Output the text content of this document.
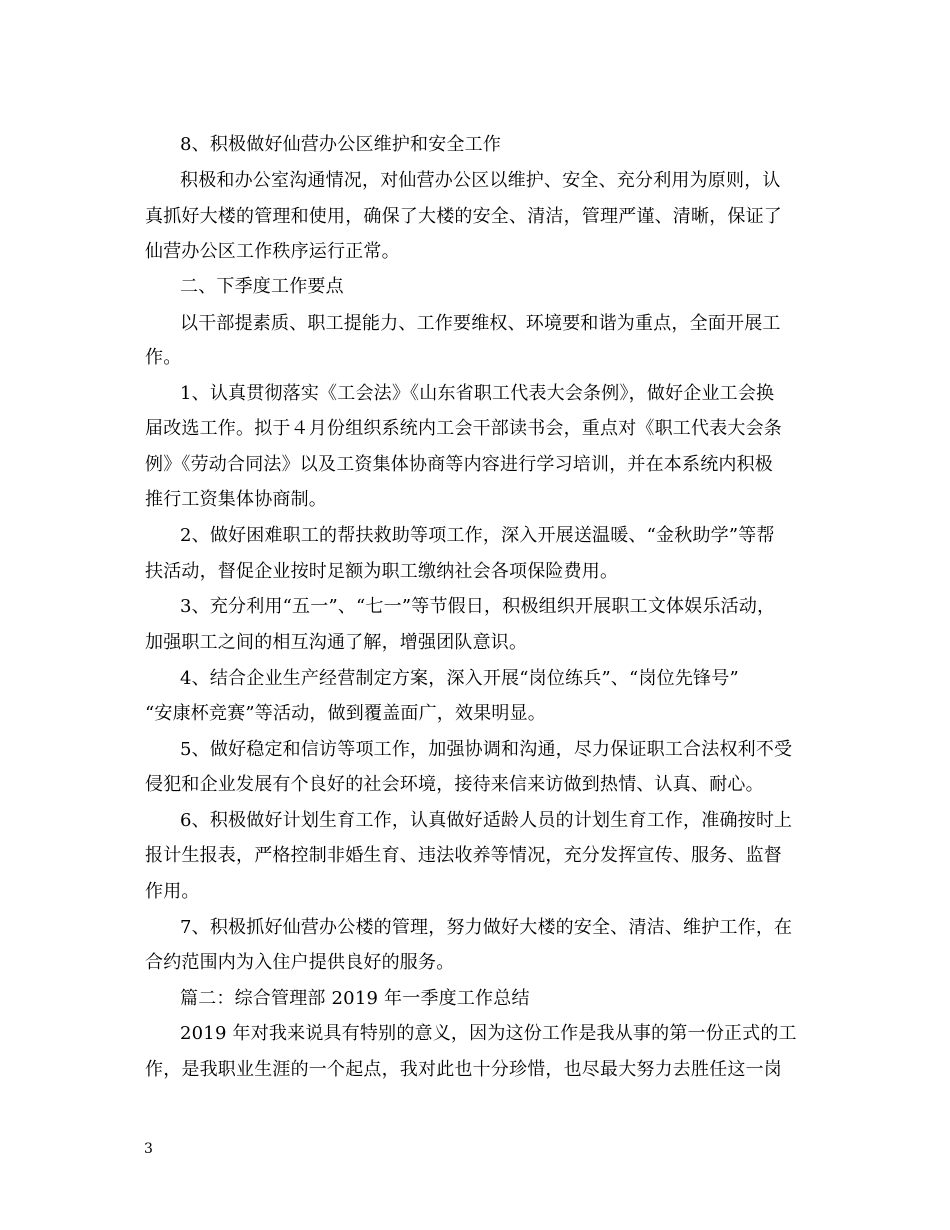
8、积极做好仙营办公区维护和安全工作
积极和办公室沟通情况，对仙营办公区以维护、安全、充分利用为原则，认
真抓好大楼的管理和使用，确保了大楼的安全、清洁，管理严谨、清晰，保证了
仙营办公区工作秩序运行正常。
二、下季度工作要点
以干部提素质、职工提能力、工作要维权、环境要和谐为重点，全面开展工
作。
1、认真贯彻落实《工会法》《山东省职工代表大会条例》，做好企业工会换
届改选工作。拟于４月份组织系统内工会干部读书会，重点对《职工代表大会条
例》《劳动合同法》以及工资集体协商等内容进行学习培训，并在本系统内积极
推行工资集体协商制。
2、做好困难职工的帮扶救助等项工作，深入开展送温暖、“金秋助学”等帮
扶活动，督促企业按时足额为职工缴纳社会各项保险费用。
3、充分利用“五一”、“七一”等节假日，积极组织开展职工文体娱乐活动，
加强职工之间的相互沟通了解，增强团队意识。
4、结合企业生产经营制定方案，深入开展“岗位练兵”、“岗位先锋号”
“安康杯竞赛”等活动，做到覆盖面广，效果明显。
5、做好稳定和信访等项工作，加强协调和沟通，尽力保证职工合法权利不受
侵犯和企业发展有个良好的社会环境，接待来信来访做到热情、认真、耐心。
6、积极做好计划生育工作，认真做好适龄人员的计划生育工作，准确按时上
报计生报表，严格控制非婚生育、违法收养等情况，充分发挥宣传、服务、监督
作用。
7、积极抓好仙营办公楼的管理，努力做好大楼的安全、清洁、维护工作，在
合约范围内为入住户提供良好的服务。
篇二：综合管理部 2019 年一季度工作总结
2019 年对我来说具有特别的意义，因为这份工作是我从事的第一份正式的工
作，是我职业生涯的一个起点，我对此也十分珍惜，也尽最大努力去胜任这一岗
3
